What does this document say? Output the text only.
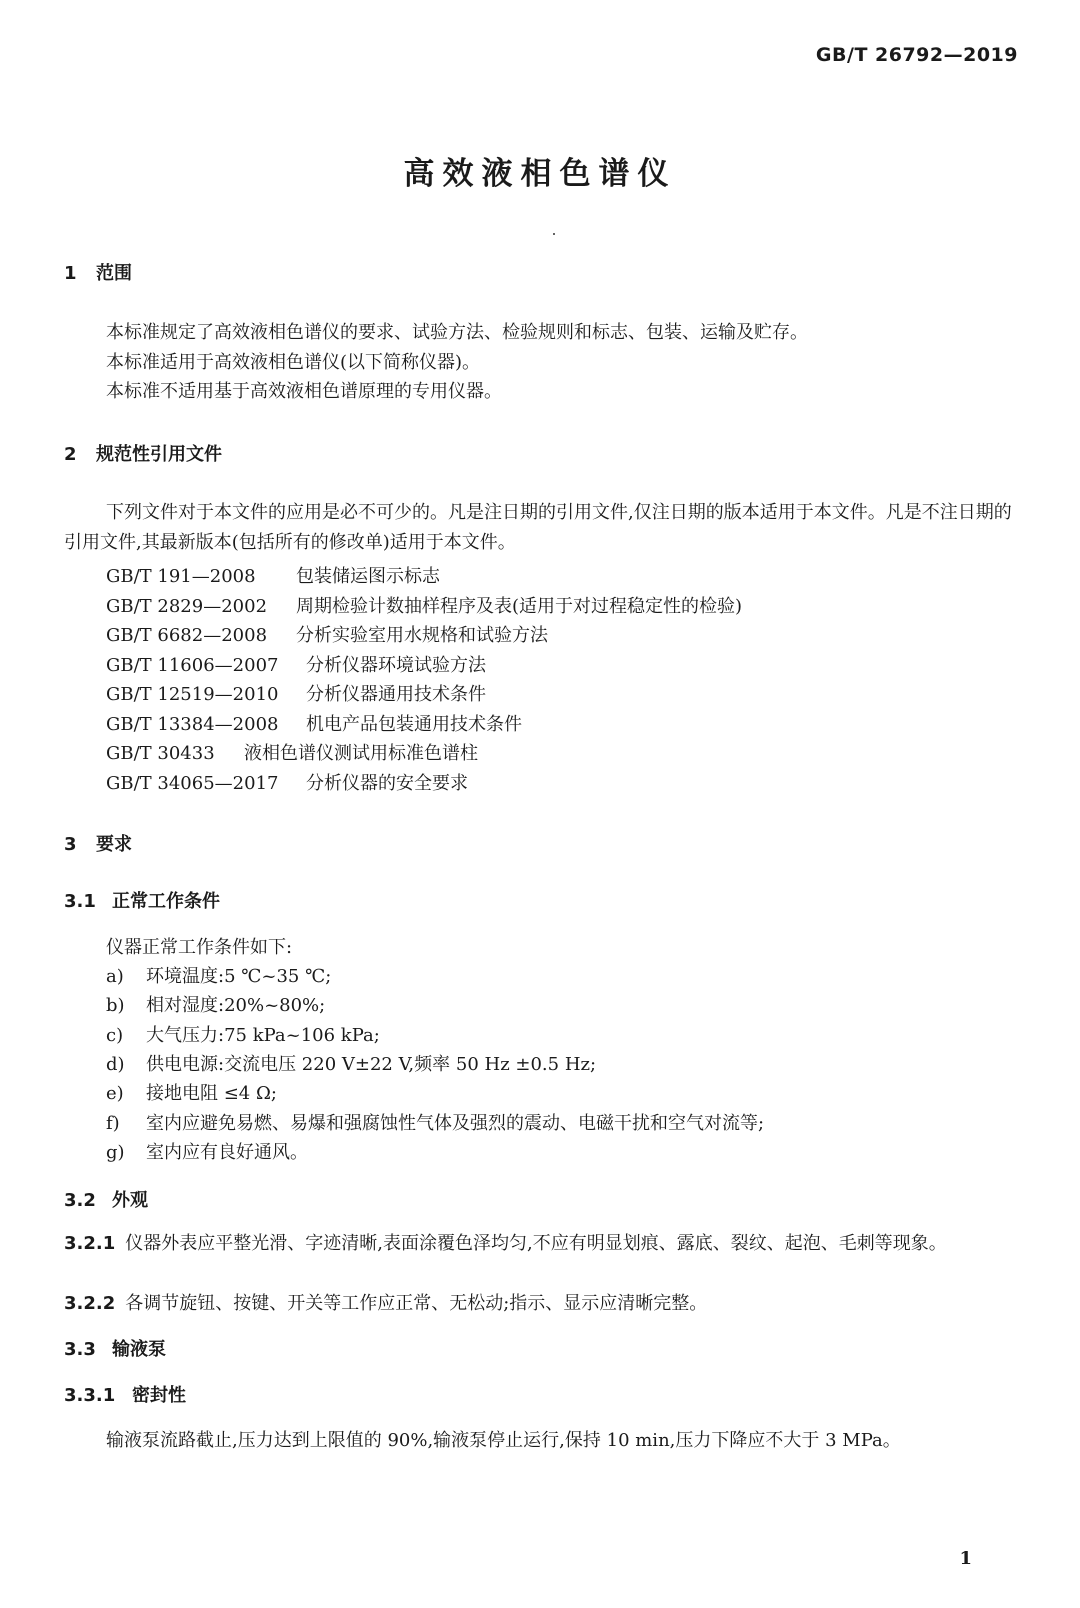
GB/T 26792—2019
高效液相色谱仪
1 范围
本标准规定了高效液相色谱仪的要求、试验方法、检验规则和标志、包装、运输及贮存。
本标准适用于高效液相色谱仪(以下简称仪器)。
本标准不适用基于高效液相色谱原理的专用仪器。
2 规范性引用文件
下列文件对于本文件的应用是必不可少的。凡是注日期的引用文件,仅注日期的版本适用于本文件。凡是不注日期的引用文件,其最新版本(包括所有的修改单)适用于本文件。
GB/T 191—2008 包装储运图示标志
GB/T 2829—2002 周期检验计数抽样程序及表(适用于对过程稳定性的检验)
GB/T 6682—2008 分析实验室用水规格和试验方法
GB/T 11606—2007 分析仪器环境试验方法
GB/T 12519—2010 分析仪器通用技术条件
GB/T 13384—2008 机电产品包装通用技术条件
GB/T 30433 液相色谱仪测试用标准色谱柱
GB/T 34065—2017 分析仪器的安全要求
3 要求
3.1 正常工作条件
仪器正常工作条件如下:
a) 环境温度:5 ℃~35 ℃;
b) 相对湿度:20%~80%;
c) 大气压力:75 kPa~106 kPa;
d) 供电电源:交流电压 220 V±22 V,频率 50 Hz ±0.5 Hz;
e) 接地电阻 ≤4 Ω;
f) 室内应避免易燃、易爆和强腐蚀性气体及强烈的震动、电磁干扰和空气对流等;
g) 室内应有良好通风。
3.2 外观
3.2.1 仪器外表应平整光滑、字迹清晰,表面涂覆色泽均匀,不应有明显划痕、露底、裂纹、起泡、毛刺等现象。
3.2.2 各调节旋钮、按键、开关等工作应正常、无松动;指示、显示应清晰完整。
3.3 输液泵
3.3.1 密封性
输液泵流路截止,压力达到上限值的 90%,输液泵停止运行,保持 10 min,压力下降应不大于 3 MPa。
1
